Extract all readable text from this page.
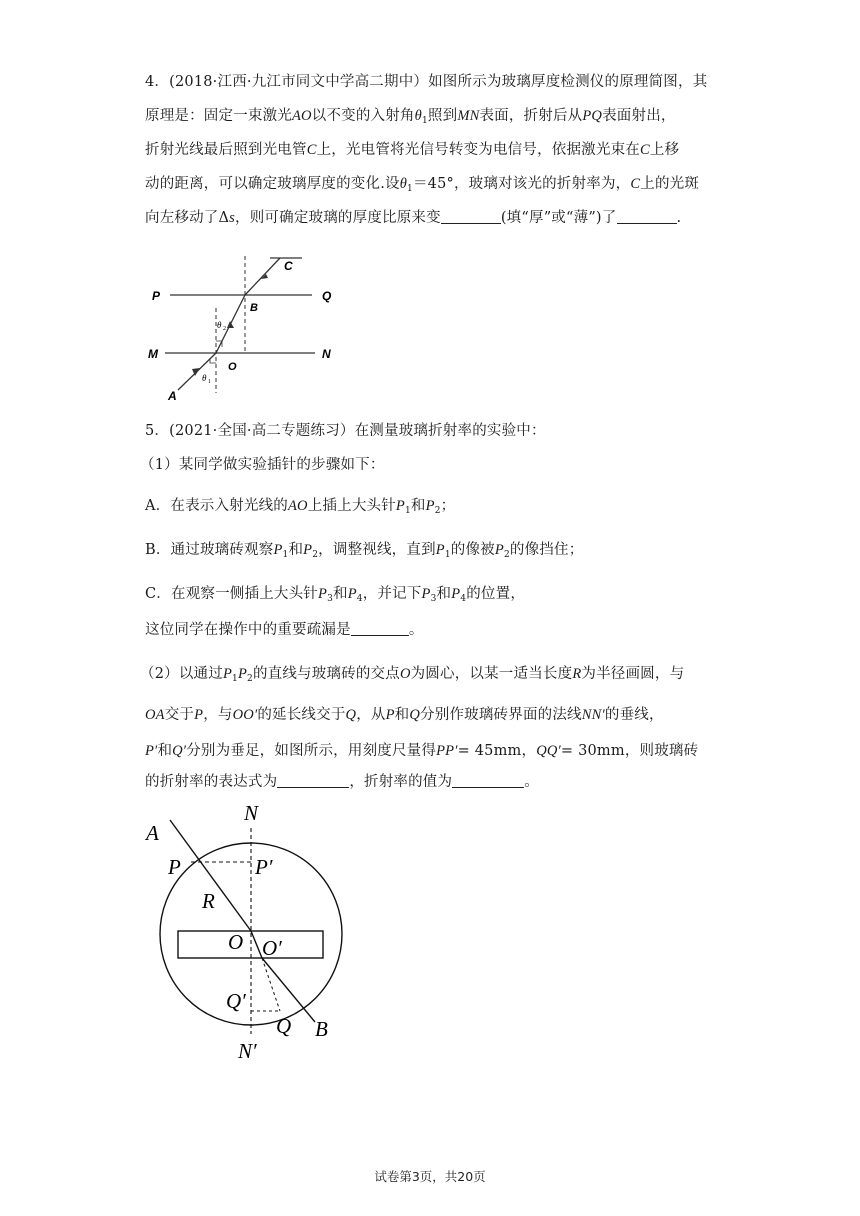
4．(2018·江西·九江市同文中学高二期中）如图所示为玻璃厚度检测仪的原理简图，其
原理是：固定一束激光AO以不变的入射角$\theta_1$照到MN表面，折射后从PQ表面射出，
折射光线最后照到光电管C上，光电管将光信号转变为电信号，依据激光束在C上移
动的距离，可以确定玻璃厚度的变化.设$\theta_1=45^\circ$，玻璃对该光的折射率为，C上的光斑
向左移动了Δs，则可确定玻璃的厚度比原来变	(填“厚”或“薄”)了	.
P	Q
M	N
A
B
C
O
θ 2
θ 1
5．(2021·全国·高二专题练习）在测量玻璃折射率的实验中：
（1）某同学做实验插针的步骤如下：
A．在表示入射光线的AO上插上大头针$P_1$和$P_2$；
B．通过玻璃砖观察$P_1$和$P_2$，调整视线，直到$P_1$的像被$P_2$的像挡住；
C．在观察一侧插上大头针$P_3$和$P_4$，并记下$P_3$和$P_4$的位置，
这位同学在操作中的重要疏漏是	。
（2）以通过$P_1P_2$的直线与玻璃砖的交点O为圆心，以某一适当长度R为半径画圆，与
OA交于P，与OO′的延长线交于Q，从P和Q分别作玻璃砖界面的法线NN′的垂线，
P′和Q′分别为垂足，如图所示，用刻度尺量得PP′= 45mm，QQ′= 30mm，则玻璃砖
的折射率的表达式为	，折射率的值为	。
A
N
P	P′
R
O O′
Q′
Q B
N′
试卷第3页，共20页
